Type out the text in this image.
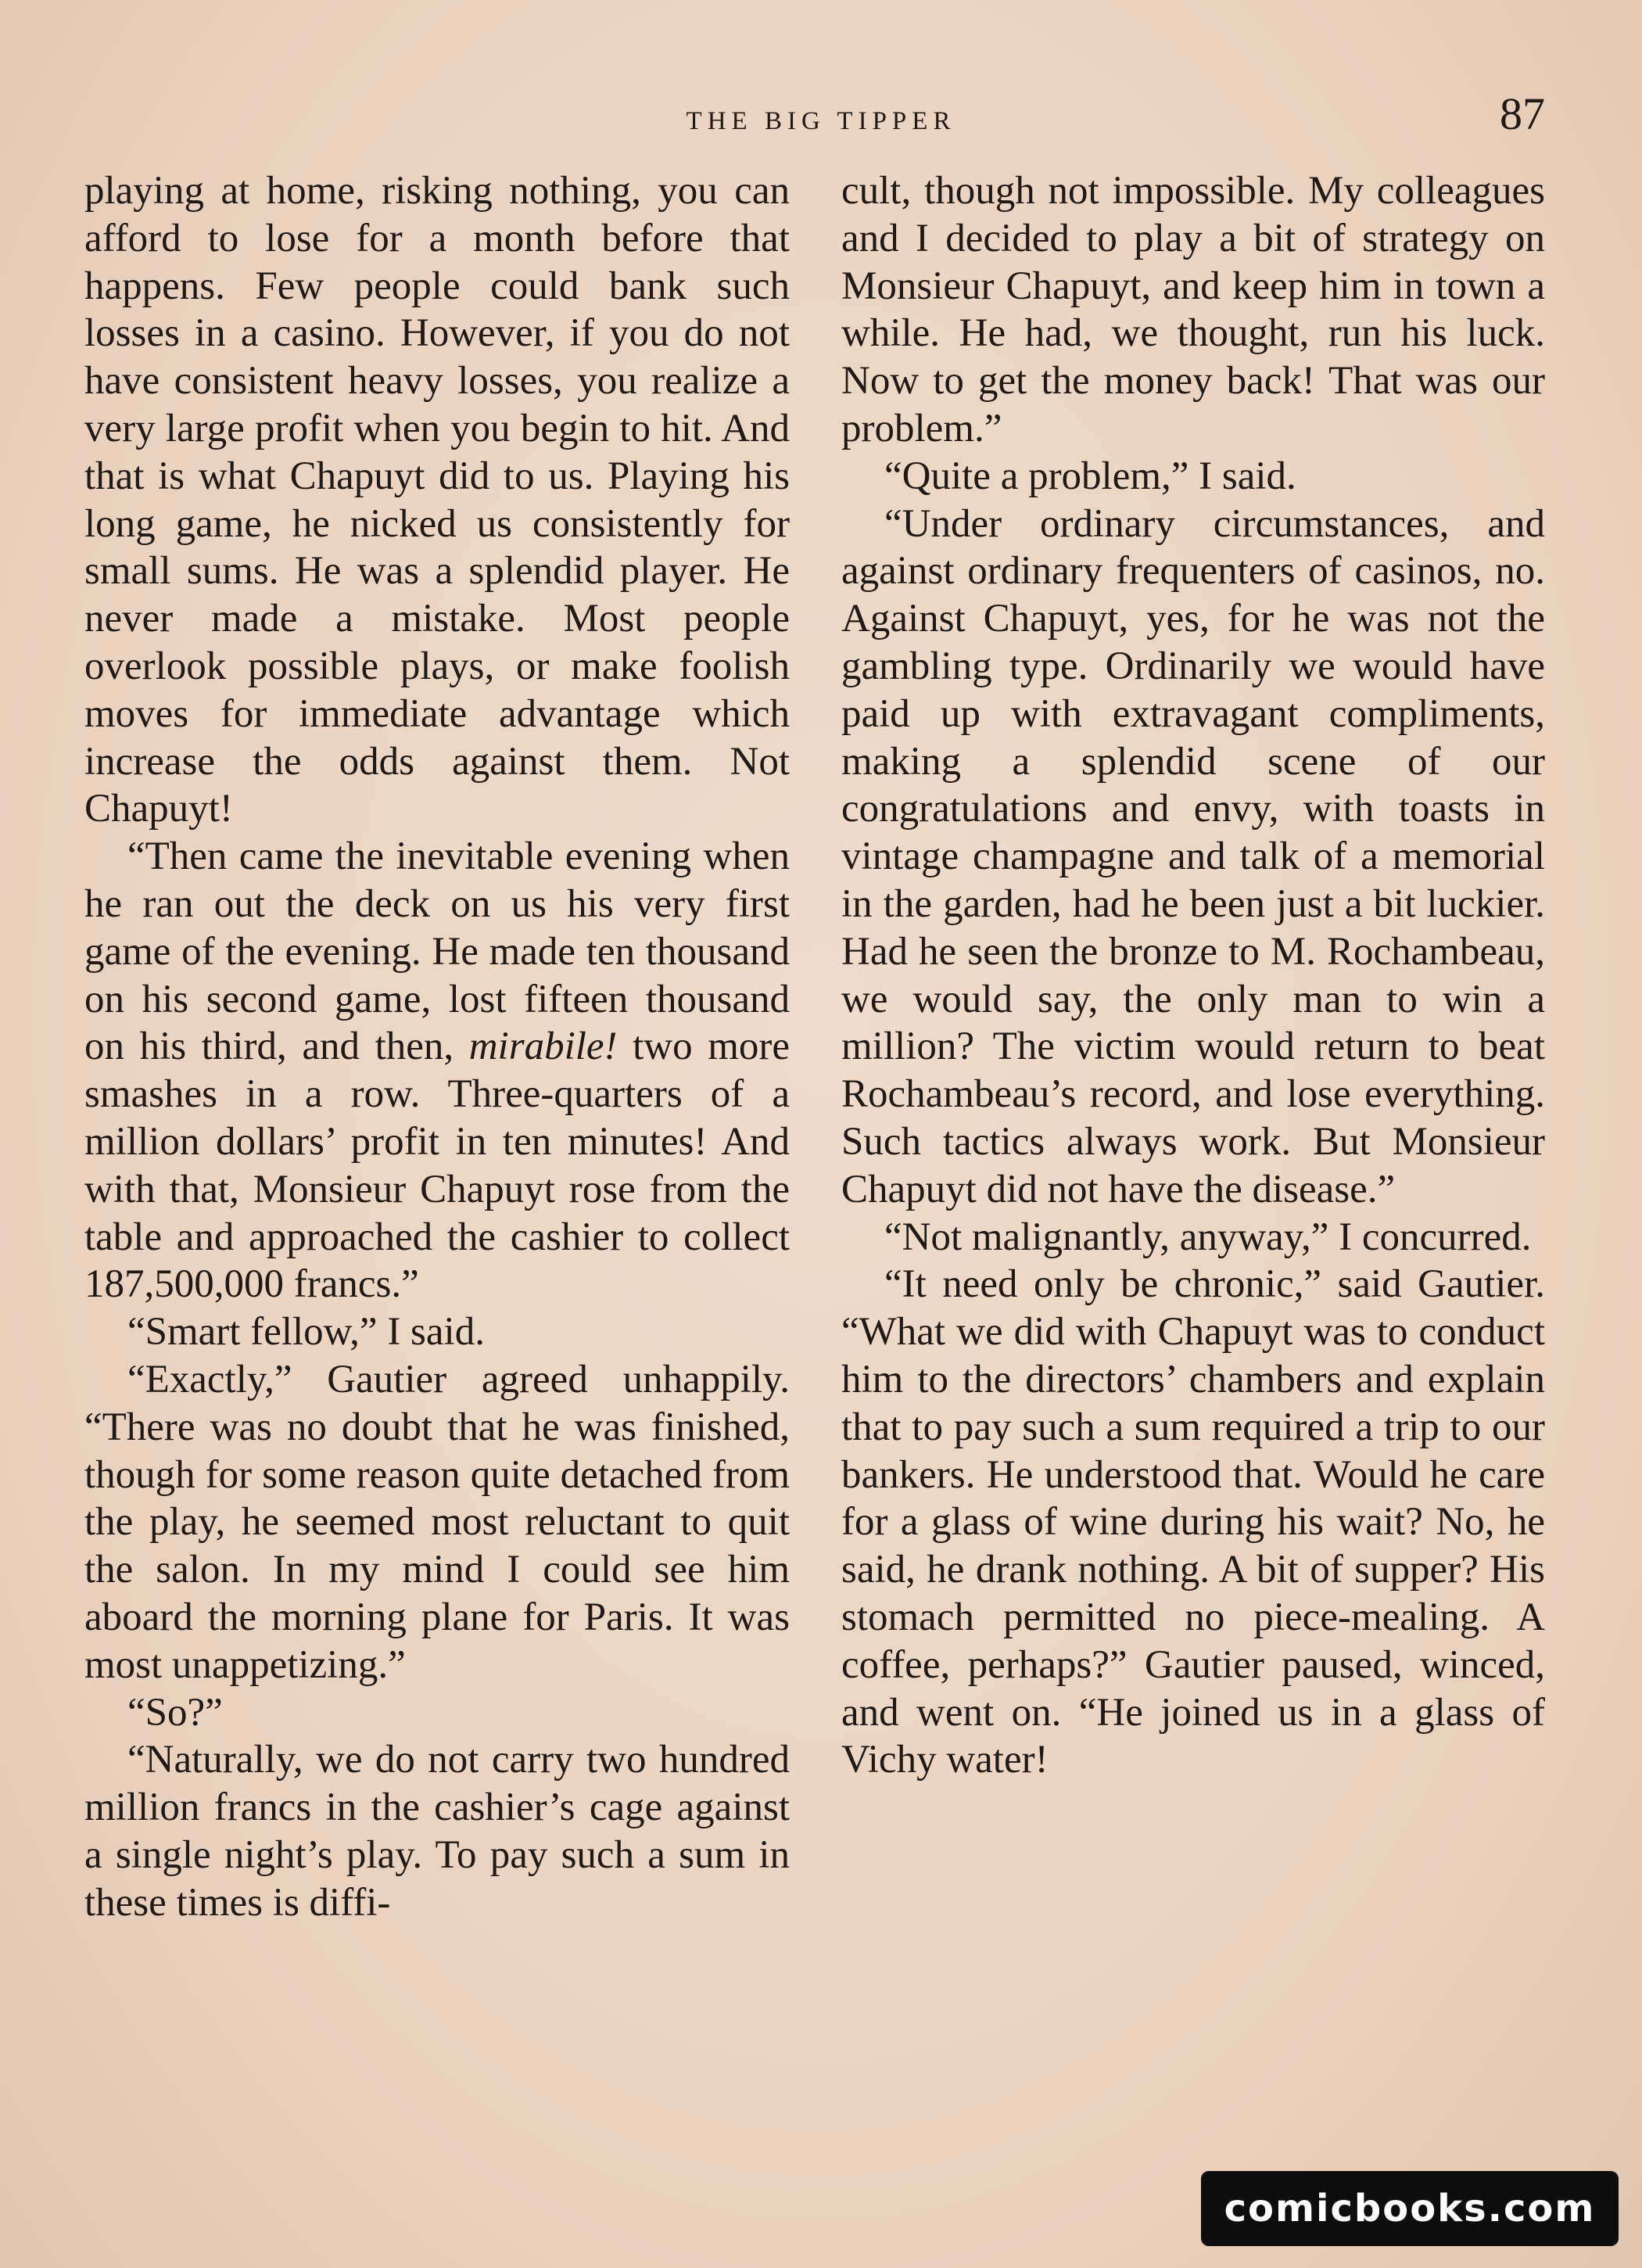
THE BIG TIPPER	87

playing at home, risking nothing, you can afford to lose for a month before that happens. Few people could bank such losses in a casino. However, if you do not have consistent heavy losses, you realize a very large profit when you begin to hit. And that is what Chapuyt did to us. Playing his long game, he nicked us consistently for small sums. He was a splendid player. He never made a mistake. Most people overlook possible plays, or make foolish moves for immediate advantage which increase the odds against them. Not Chapuyt!

“Then came the inevitable evening when he ran out the deck on us his very first game of the evening. He made ten thousand on his second game, lost fifteen thousand on his third, and then, mirabile! two more smashes in a row. Three-quarters of a million dollars’ profit in ten minutes! And with that, Monsieur Chapuyt rose from the table and approached the cashier to collect 187,500,000 francs.”

“Smart fellow,” I said.

“Exactly,” Gautier agreed unhappily. “There was no doubt that he was finished, though for some reason quite detached from the play, he seemed most reluctant to quit the salon. In my mind I could see him aboard the morning plane for Paris. It was most unappetizing.”

“So?”

“Naturally, we do not carry two hundred million francs in the cashier’s cage against a single night’s play. To pay such a sum in these times is diffi-

cult, though not impossible. My colleagues and I decided to play a bit of strategy on Monsieur Chapuyt, and keep him in town a while. He had, we thought, run his luck. Now to get the money back! That was our problem.”

“Quite a problem,” I said.

“Under ordinary circumstances, and against ordinary frequenters of casinos, no. Against Chapuyt, yes, for he was not the gambling type. Ordinarily we would have paid up with extravagant compliments, making a splendid scene of our congratulations and envy, with toasts in vintage champagne and talk of a memorial in the garden, had he been just a bit luckier. Had he seen the bronze to M. Rochambeau, we would say, the only man to win a million? The victim would return to beat Rochambeau’s record, and lose everything. Such tactics always work. But Monsieur Chapuyt did not have the disease.”

“Not malignantly, anyway,” I concurred.

“It need only be chronic,” said Gautier. “What we did with Chapuyt was to conduct him to the directors’ chambers and explain that to pay such a sum required a trip to our bankers. He understood that. Would he care for a glass of wine during his wait? No, he said, he drank nothing. A bit of supper? His stomach permitted no piece-mealing. A coffee, perhaps?” Gautier paused, winced, and went on. “He joined us in a glass of Vichy water!

comicbooks.com
